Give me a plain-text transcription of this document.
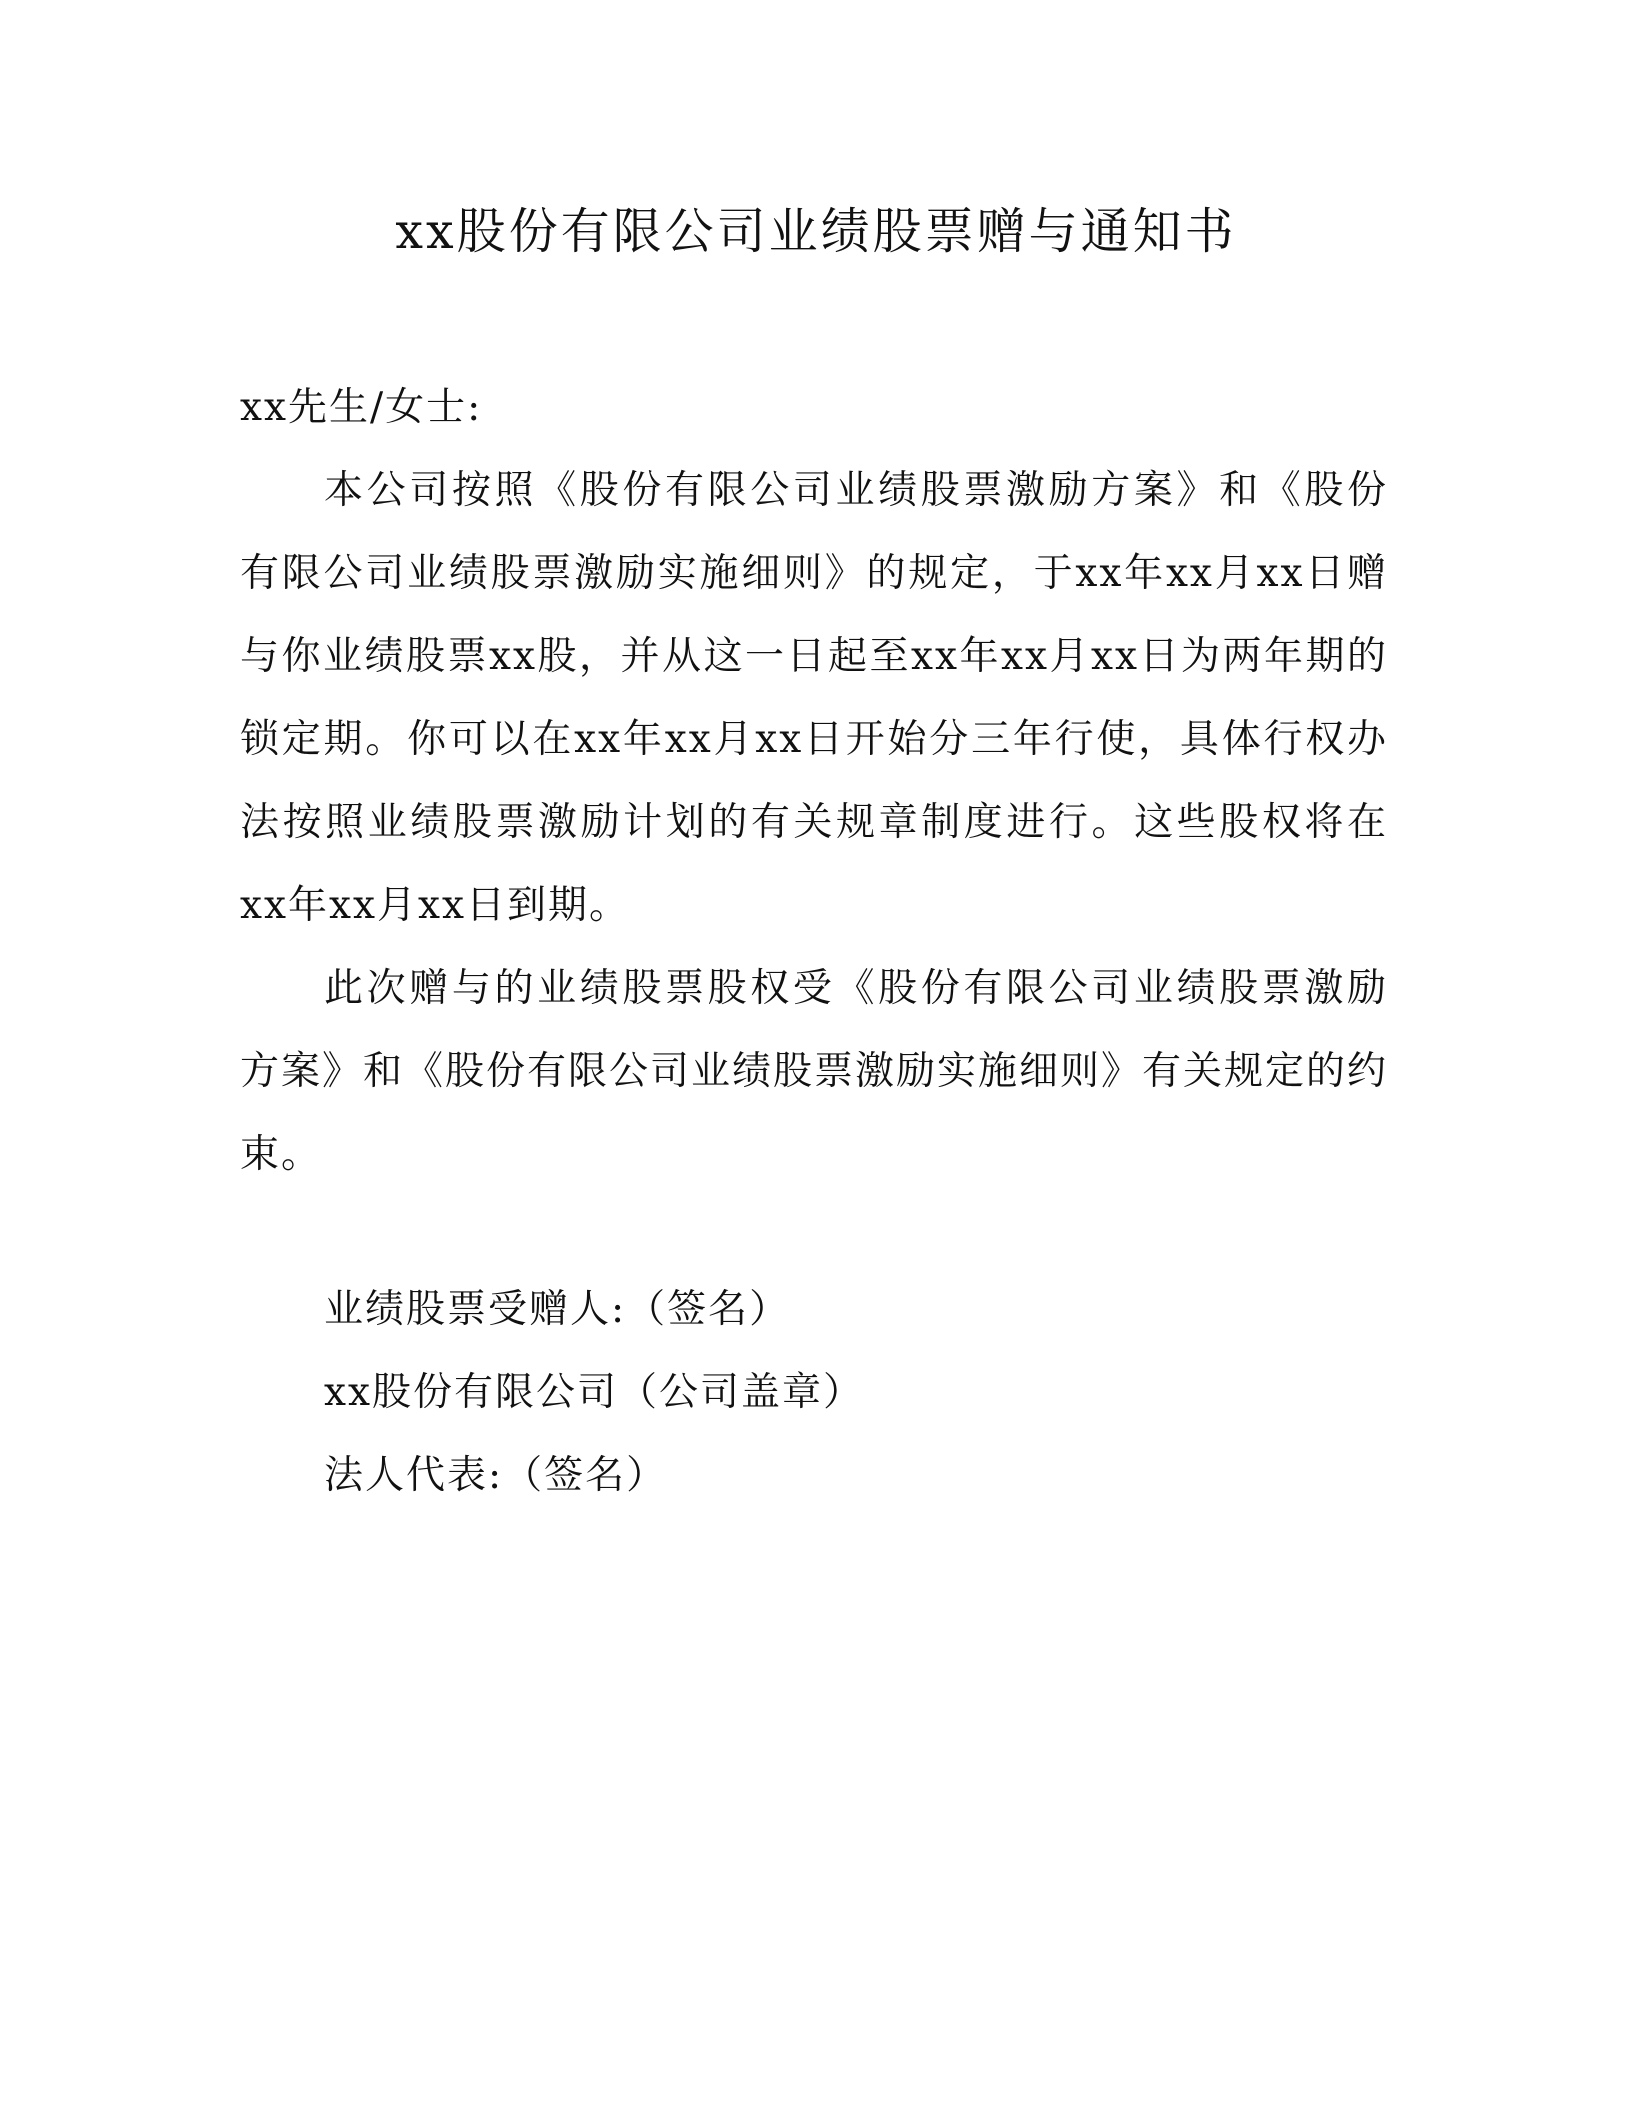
xx股份有限公司业绩股票赠与通知书

xx先生/女士:

本公司按照《股份有限公司业绩股票激励方案》和《股份有限公司业绩股票激励实施细则》的规定，于xx年xx月xx日赠与你业绩股票xx股，并从这一日起至xx年xx月xx日为两年期的锁定期。你可以在xx年xx月xx日开始分三年行使，具体行权办法按照业绩股票激励计划的有关规章制度进行。这些股权将在xx年xx月xx日到期。

此次赠与的业绩股票股权受《股份有限公司业绩股票激励方案》和《股份有限公司业绩股票激励实施细则》有关规定的约束。

业绩股票受赠人:（签名）
xx股份有限公司（公司盖章）
法人代表:（签名）
